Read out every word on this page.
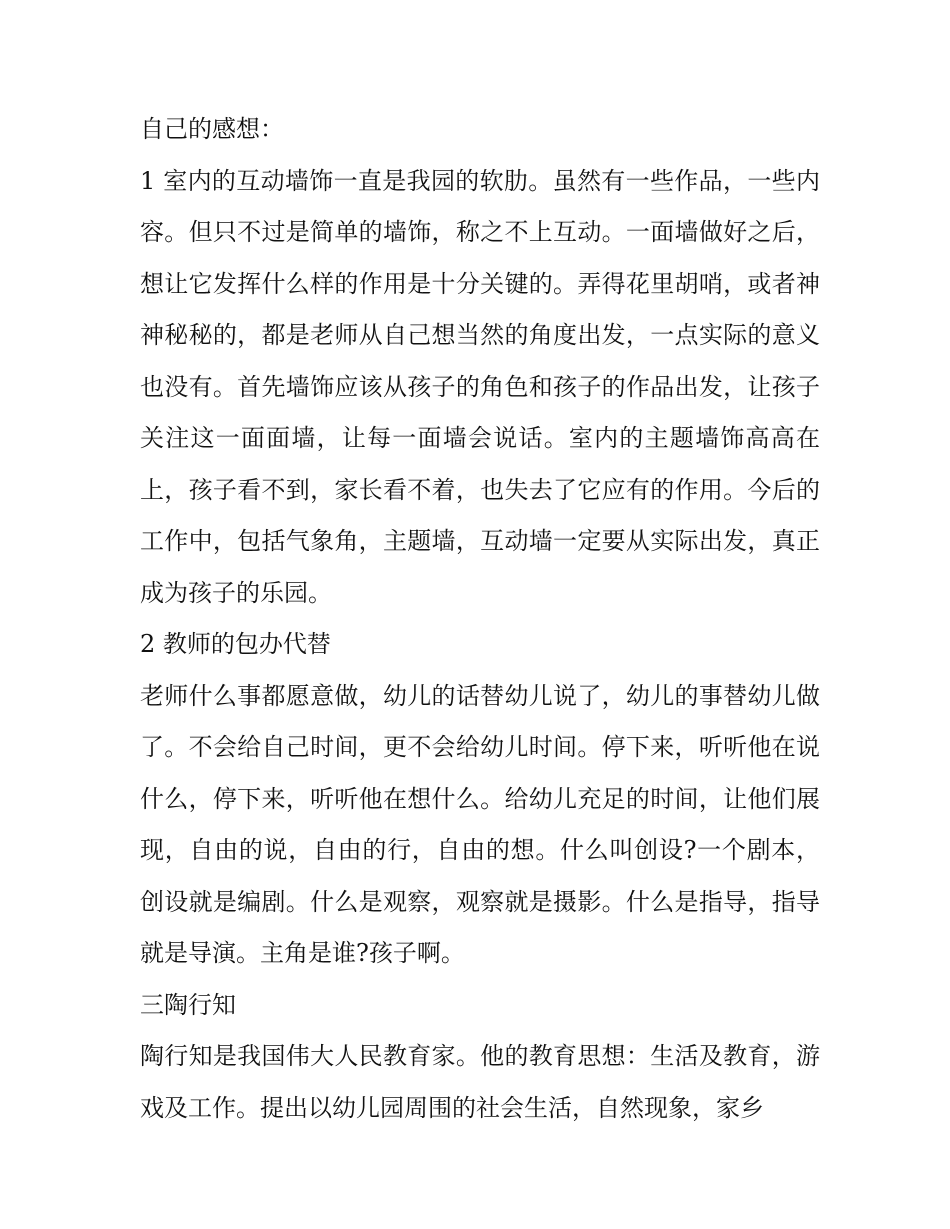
自己的感想：

1 室内的互动墙饰一直是我园的软肋。虽然有一些作品，一些内容。但只不过是简单的墙饰，称之不上互动。一面墙做好之后，想让它发挥什么样的作用是十分关键的。弄得花里胡哨，或者神神秘秘的，都是老师从自己想当然的角度出发，一点实际的意义也没有。首先墙饰应该从孩子的角色和孩子的作品出发，让孩子关注这一面面墙，让每一面墙会说话。室内的主题墙饰高高在上，孩子看不到，家长看不着，也失去了它应有的作用。今后的工作中，包括气象角，主题墙，互动墙一定要从实际出发，真正成为孩子的乐园。

2 教师的包办代替

老师什么事都愿意做，幼儿的话替幼儿说了，幼儿的事替幼儿做了。不会给自己时间，更不会给幼儿时间。停下来，听听他在说什么，停下来，听听他在想什么。给幼儿充足的时间，让他们展现，自由的说，自由的行，自由的想。什么叫创设?一个剧本，创设就是编剧。什么是观察，观察就是摄影。什么是指导，指导就是导演。主角是谁?孩子啊。

三陶行知

陶行知是我国伟大人民教育家。他的教育思想：生活及教育，游戏及工作。提出以幼儿园周围的社会生活，自然现象，家乡
